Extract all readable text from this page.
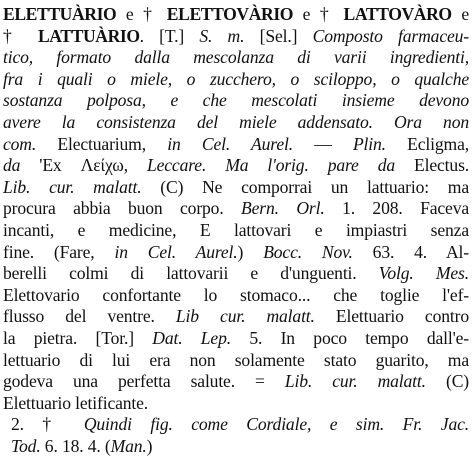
ELETTUÀRIO e † ELETTOVÀRIO e † LATTOVÀRO e
† LATTUÀRIO. [T.] S. m. [Sel.] Composto farmaceu-
tico, formato dalla mescolanza di varii ingredienti,
fra i quali o miele, o zucchero, o sciloppo, o qualche
sostanza polposa, e che mescolati insieme devono
avere la consistenza del miele addensato. Ora non
com. Electuarium, in Cel. Aurel. — Plin. Ecligma,
da 'Ex Λείχω, Leccare. Ma l'orig. pare da Electus.
Lib. cur. malatt. (C) Ne comporrai un lattuario: ma
procura abbia buon corpo. Bern. Orl. 1. 208. Faceva
incanti, e medicine, E lattovari e impiastri senza
fine. (Fare, in Cel. Aurel.) Bocc. Nov. 63. 4. Al-
berelli colmi di lattovarii e d'unguenti. Volg. Mes.
Elettovario confortante lo stomaco... che toglie l'ef-
flusso del ventre. Lib cur. malatt. Elettuario contro
la pietra. [Tor.] Dat. Lep. 5. In poco tempo dall'e-
lettuario di lui era non solamente stato guarito, ma
godeva una perfetta salute. = Lib. cur. malatt. (C)
Elettuario letificante.
2. † Quindi fig. come Cordiale, e sim. Fr. Jac.
Tod. 6. 18. 4. (Man.)
